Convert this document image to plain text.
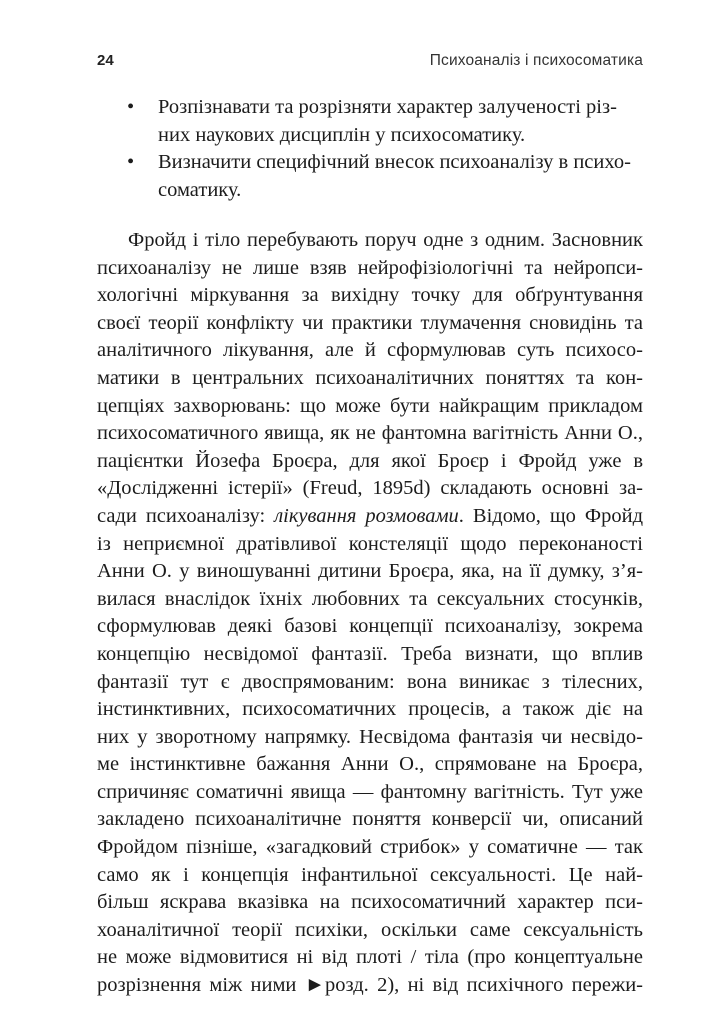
24	Психоаналіз і психосоматика
• Розпізнавати та розрізняти характер залученості різ-
них наукових дисциплін у психосоматику.
• Визначити специфічний внесок психоаналізу в психо-
соматику.
Фройд і тіло перебувають поруч одне з одним. Засновник
психоаналізу не лише взяв нейрофізіологічні та нейропси-
хологічні міркування за вихідну точку для обґрунтування
своєї теорії конфлікту чи практики тлумачення сновидінь та
аналітичного лікування, але й сформулював суть психосо-
матики в центральних психоаналітичних поняттях та кон-
цепціях захворювань: що може бути найкращим прикладом
психосоматичного явища, як не фантомна вагітність Анни О.,
пацієнтки Йозефа Броєра, для якої Броєр і Фройд уже в
«Дослідженні істерії» (Freud, 1895d) складають основні за-
сади психоаналізу: лікування розмовами. Відомо, що Фройд
із неприємної дратівливої констеляції щодо переконаності
Анни О. у виношуванні дитини Броєра, яка, на її думку, з’я-
вилася внаслідок їхніх любовних та сексуальних стосунків,
сформулював деякі базові концепції психоаналізу, зокрема
концепцію несвідомої фантазії. Треба визнати, що вплив
фантазії тут є двоспрямованим: вона виникає з тілесних,
інстинктивних, психосоматичних процесів, а також діє на
них у зворотному напрямку. Несвідома фантазія чи несвідо-
ме інстинктивне бажання Анни О., спрямоване на Броєра,
спричиняє соматичні явища — фантомну вагітність. Тут уже
закладено психоаналітичне поняття конверсії чи, описаний
Фройдом пізніше, «загадковий стрибок» у соматичне — так
само як і концепція інфантильної сексуальності. Це най-
більш яскрава вказівка на психосоматичний характер пси-
хоаналітичної теорії психіки, оскільки саме сексуальність
не може відмовитися ні від плоті / тіла (про концептуальне
розрізнення між ними ►розд. 2), ні від психічного пережи-
